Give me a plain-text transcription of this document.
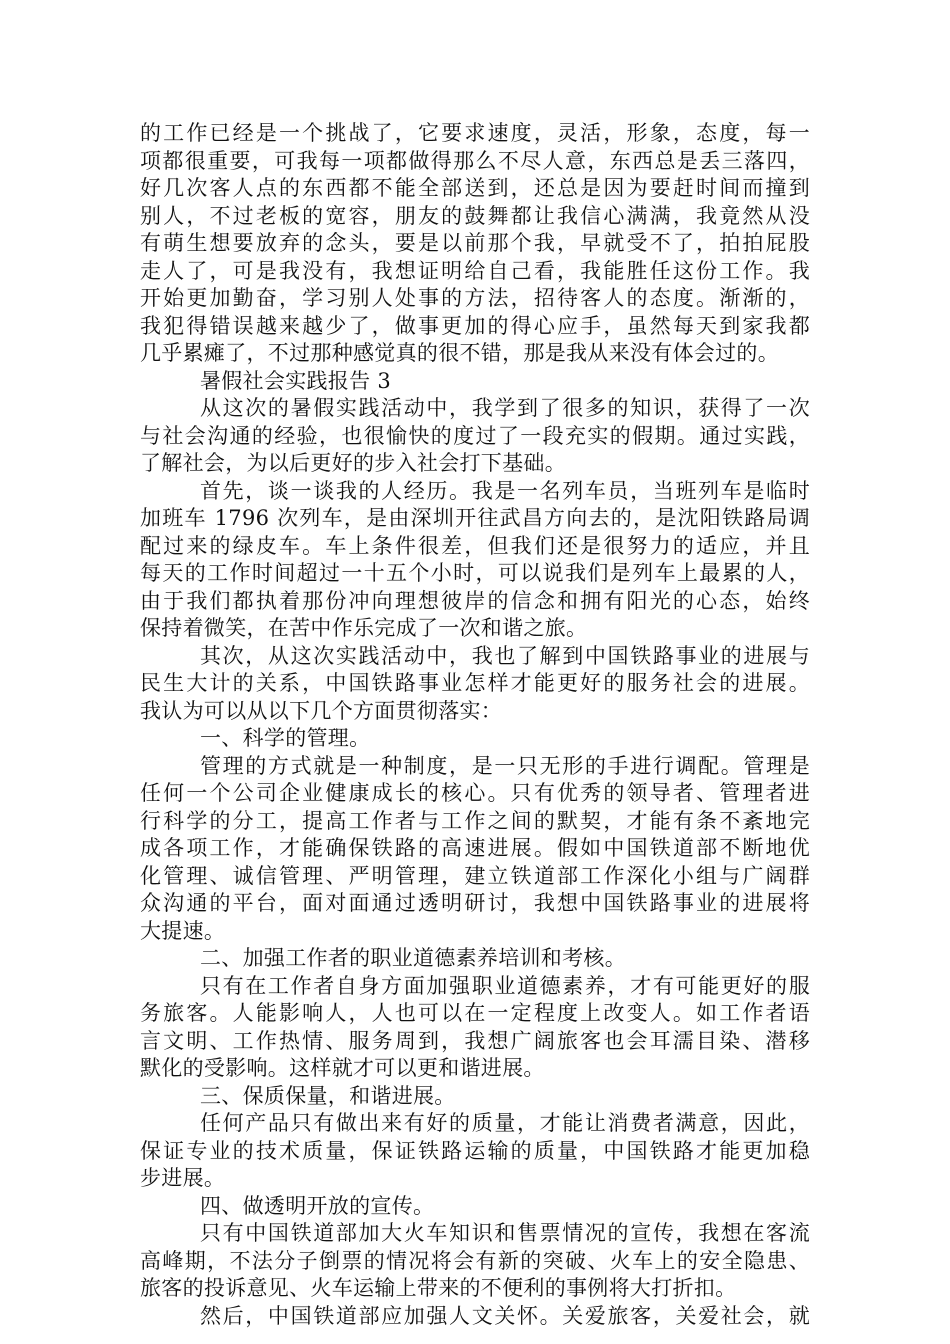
的工作已经是一个挑战了，它要求速度，灵活，形象，态度，每一
项都很重要，可我每一项都做得那么不尽人意，东西总是丢三落四，
好几次客人点的东西都不能全部送到，还总是因为要赶时间而撞到
别人，不过老板的宽容，朋友的鼓舞都让我信心满满，我竟然从没
有萌生想要放弃的念头，要是以前那个我，早就受不了，拍拍屁股
走人了，可是我没有，我想证明给自己看，我能胜任这份工作。我
开始更加勤奋，学习别人处事的方法，招待客人的态度。渐渐的，
我犯得错误越来越少了，做事更加的得心应手，虽然每天到家我都
几乎累瘫了，不过那种感觉真的很不错，那是我从来没有体会过的。
暑假社会实践报告 3
从这次的暑假实践活动中，我学到了很多的知识，获得了一次
与社会沟通的经验，也很愉快的度过了一段充实的假期。通过实践，
了解社会，为以后更好的步入社会打下基础。
首先，谈一谈我的人经历。我是一名列车员，当班列车是临时
加班车 1796 次列车，是由深圳开往武昌方向去的，是沈阳铁路局调
配过来的绿皮车。车上条件很差，但我们还是很努力的适应，并且
每天的工作时间超过一十五个小时，可以说我们是列车上最累的人，
由于我们都执着那份冲向理想彼岸的信念和拥有阳光的心态，始终
保持着微笑，在苦中作乐完成了一次和谐之旅。
其次，从这次实践活动中，我也了解到中国铁路事业的进展与
民生大计的关系，中国铁路事业怎样才能更好的服务社会的进展。
我认为可以从以下几个方面贯彻落实：
一、科学的管理。
管理的方式就是一种制度，是一只无形的手进行调配。管理是
任何一个公司企业健康成长的核心。只有优秀的领导者、管理者进
行科学的分工，提高工作者与工作之间的默契，才能有条不紊地完
成各项工作，才能确保铁路的高速进展。假如中国铁道部不断地优
化管理、诚信管理、严明管理，建立铁道部工作深化小组与广阔群
众沟通的平台，面对面通过透明研讨，我想中国铁路事业的进展将
大提速。
二、加强工作者的职业道德素养培训和考核。
只有在工作者自身方面加强职业道德素养，才有可能更好的服
务旅客。人能影响人，人也可以在一定程度上改变人。如工作者语
言文明、工作热情、服务周到，我想广阔旅客也会耳濡目染、潜移
默化的受影响。这样就才可以更和谐进展。
三、保质保量，和谐进展。
任何产品只有做出来有好的质量，才能让消费者满意，因此，
保证专业的技术质量，保证铁路运输的质量，中国铁路才能更加稳
步进展。
四、做透明开放的宣传。
只有中国铁道部加大火车知识和售票情况的宣传，我想在客流
高峰期，不法分子倒票的情况将会有新的突破、火车上的安全隐患、
旅客的投诉意见、火车运输上带来的不便利的事例将大打折扣。
然后，中国铁道部应加强人文关怀。关爱旅客，关爱社会，就
